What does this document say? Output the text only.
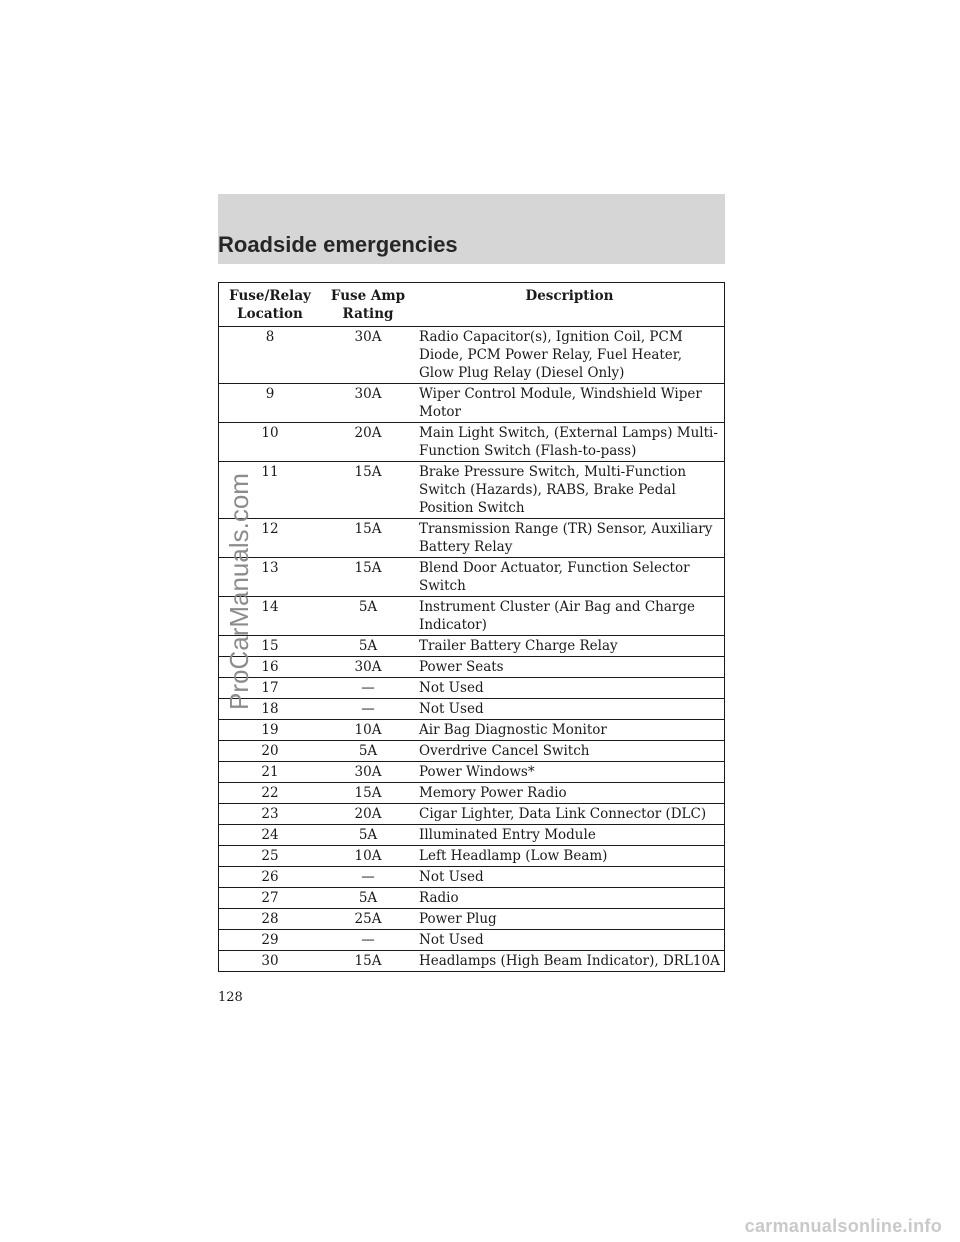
Roadside emergencies
Fuse/Relay Location	Fuse Amp Rating	Description
8	30A	Radio Capacitor(s), Ignition Coil, PCM Diode, PCM Power Relay, Fuel Heater, Glow Plug Relay (Diesel Only)
9	30A	Wiper Control Module, Windshield Wiper Motor
10	20A	Main Light Switch, (External Lamps) Multi-Function Switch (Flash-to-pass)
11	15A	Brake Pressure Switch, Multi-Function Switch (Hazards), RABS, Brake Pedal Position Switch
12	15A	Transmission Range (TR) Sensor, Auxiliary Battery Relay
13	15A	Blend Door Actuator, Function Selector Switch
14	5A	Instrument Cluster (Air Bag and Charge Indicator)
15	5A	Trailer Battery Charge Relay
16	30A	Power Seats
17	—	Not Used
18	—	Not Used
19	10A	Air Bag Diagnostic Monitor
20	5A	Overdrive Cancel Switch
21	30A	Power Windows*
22	15A	Memory Power Radio
23	20A	Cigar Lighter, Data Link Connector (DLC)
24	5A	Illuminated Entry Module
25	10A	Left Headlamp (Low Beam)
26	—	Not Used
27	5A	Radio
28	25A	Power Plug
29	—	Not Used
30	15A	Headlamps (High Beam Indicator), DRL10A
128
ProCarManuals.com
carmanualsonline.info
